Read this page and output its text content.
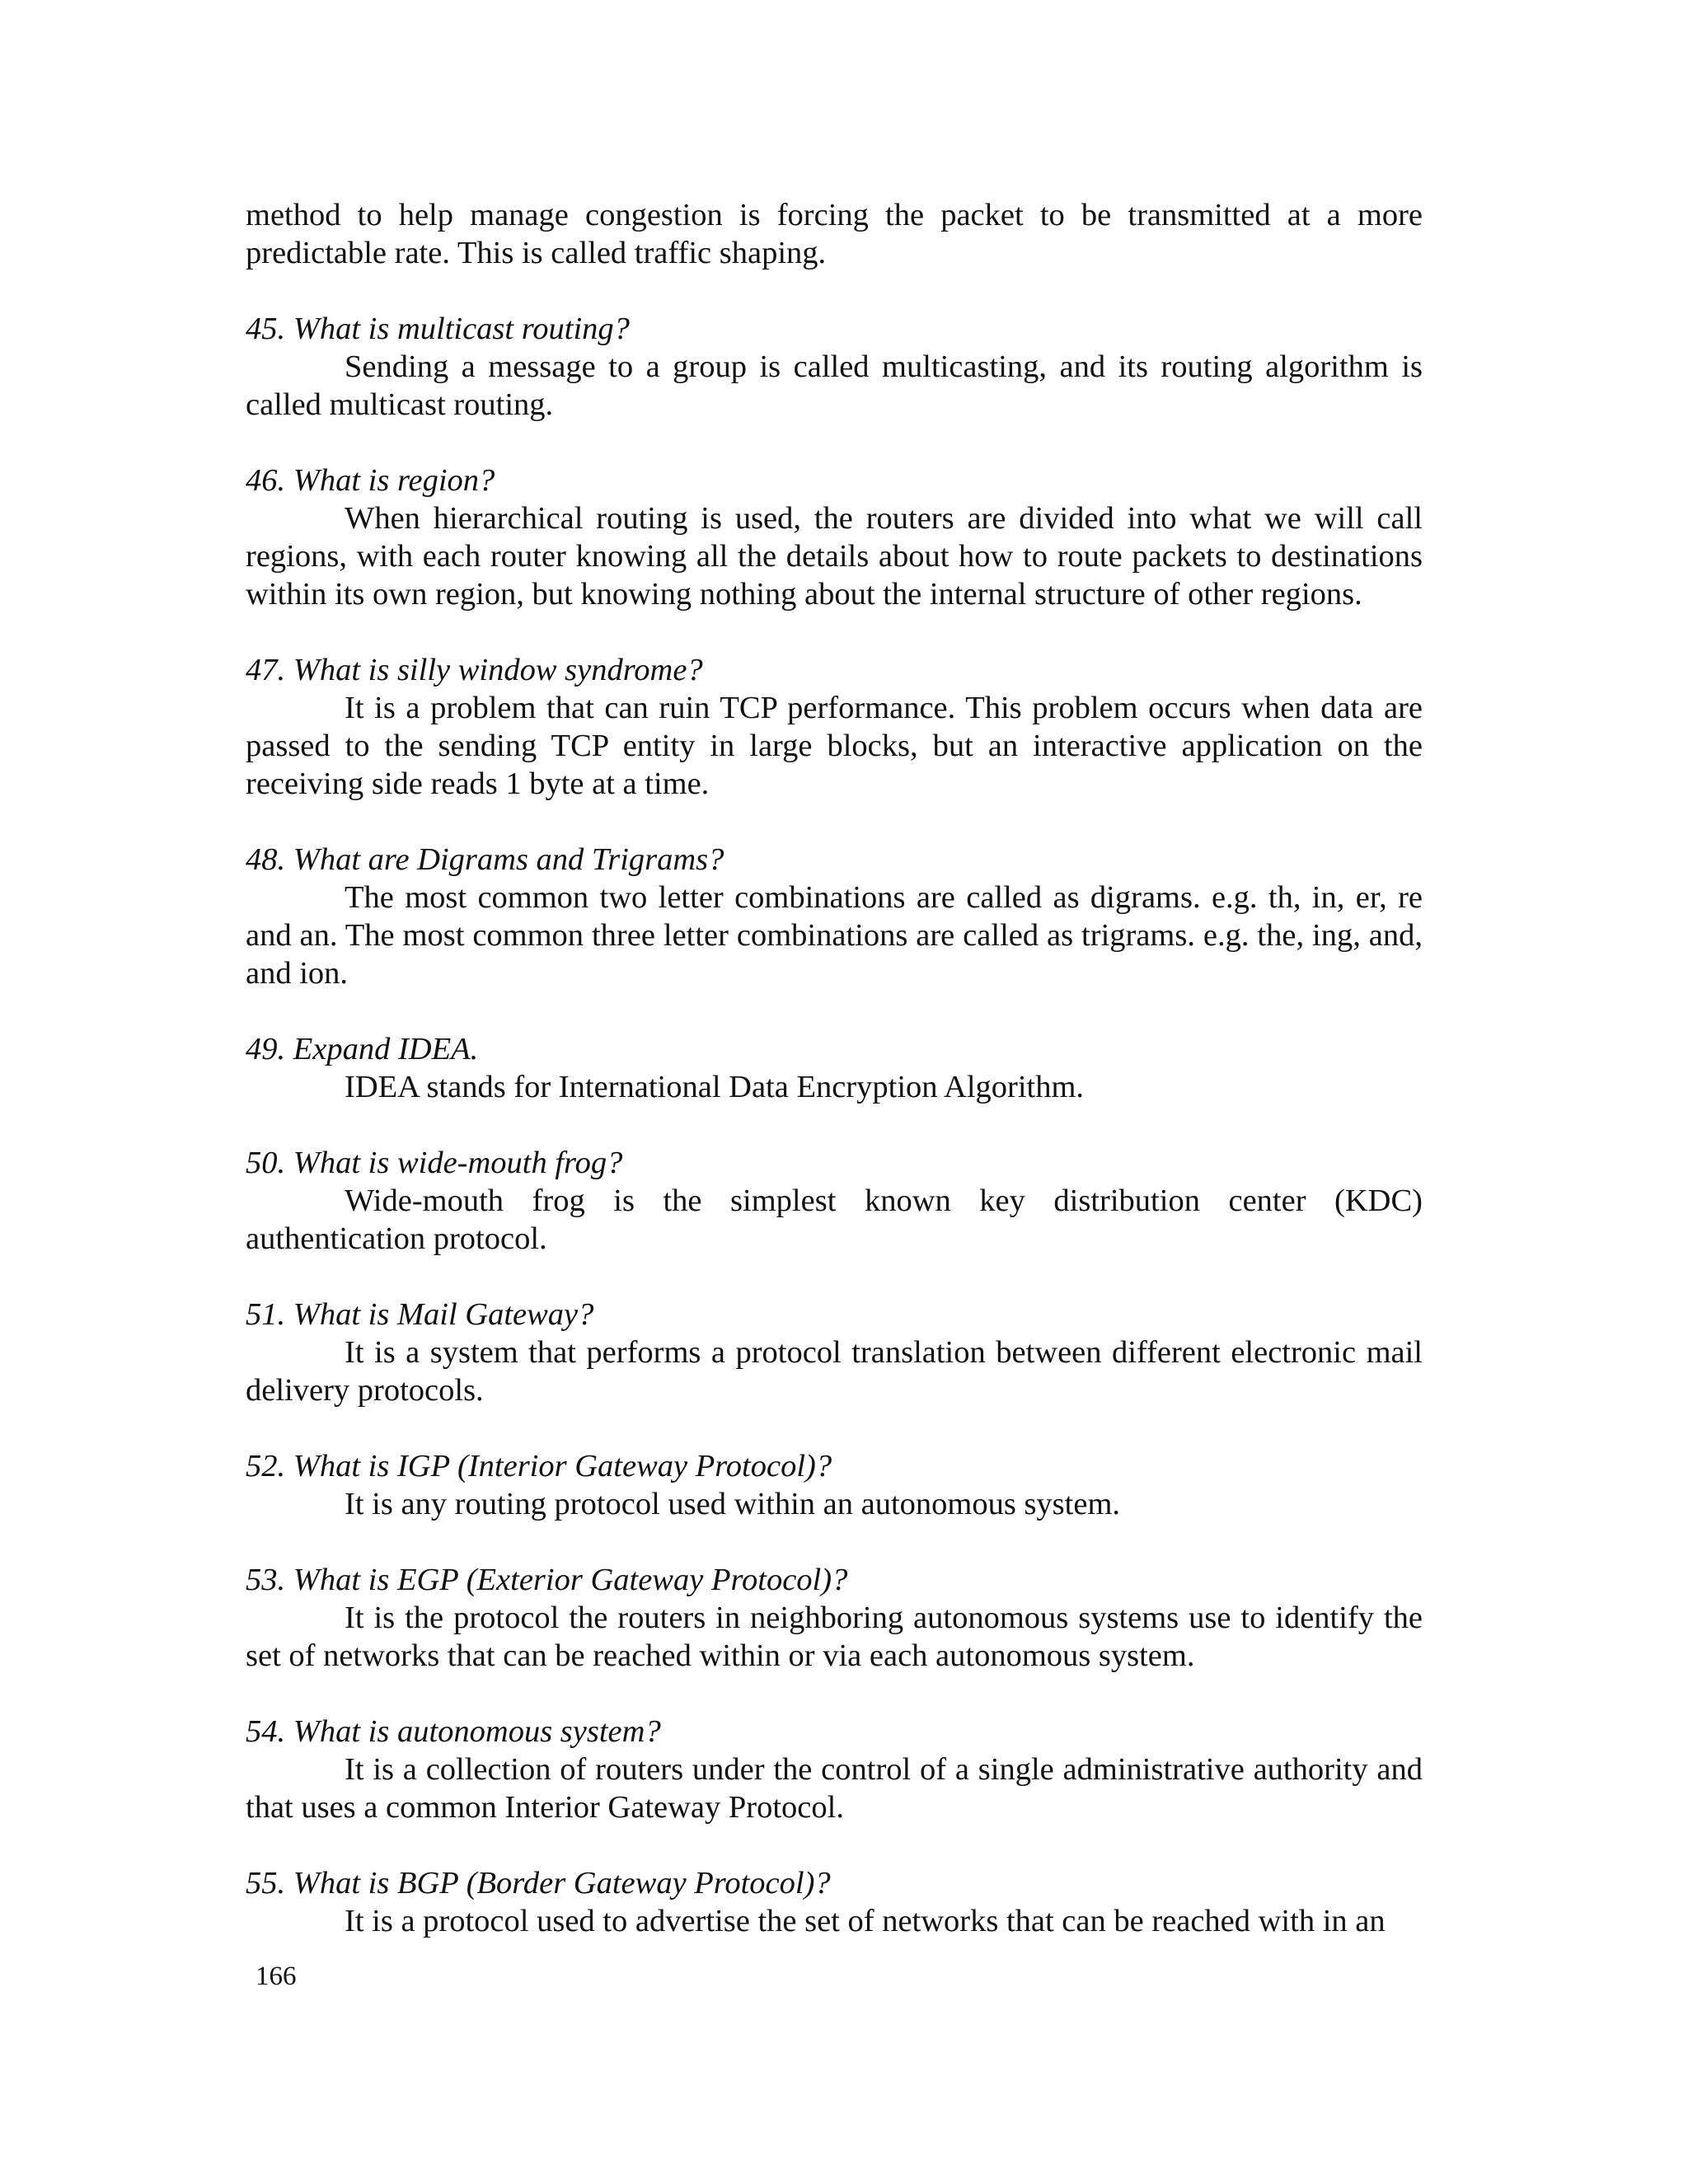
method to help manage congestion is forcing the packet to be transmitted at a more predictable rate. This is called traffic shaping.

45. What is multicast routing?

Sending a message to a group is called multicasting, and its routing algorithm is called multicast routing.

46. What is region?

When hierarchical routing is used, the routers are divided into what we will call regions, with each router knowing all the details about how to route packets to destinations within its own region, but knowing nothing about the internal structure of other regions.

47. What is silly window syndrome?

It is a problem that can ruin TCP performance. This problem occurs when data are passed to the sending TCP entity in large blocks, but an interactive application on the receiving side reads 1 byte at a time.

48. What are Digrams and Trigrams?

The most common two letter combinations are called as digrams. e.g. th, in, er, re and an. The most common three letter combinations are called as trigrams. e.g. the, ing, and, and ion.

49. Expand IDEA.

IDEA stands for International Data Encryption Algorithm.

50. What is wide-mouth frog?

Wide-mouth frog is the simplest known key distribution center (KDC) authentication protocol.

51. What is Mail Gateway?

It is a system that performs a protocol translation between different electronic mail delivery protocols.

52. What is IGP (Interior Gateway Protocol)?

It is any routing protocol used within an autonomous system.

53. What is EGP (Exterior Gateway Protocol)?

It is the protocol the routers in neighboring autonomous systems use to identify the set of networks that can be reached within or via each autonomous system.

54. What is autonomous system?

It is a collection of routers under the control of a single administrative authority and that uses a common Interior Gateway Protocol.

55. What is BGP (Border Gateway Protocol)?

It is a protocol used to advertise the set of networks that can be reached with in an

166
